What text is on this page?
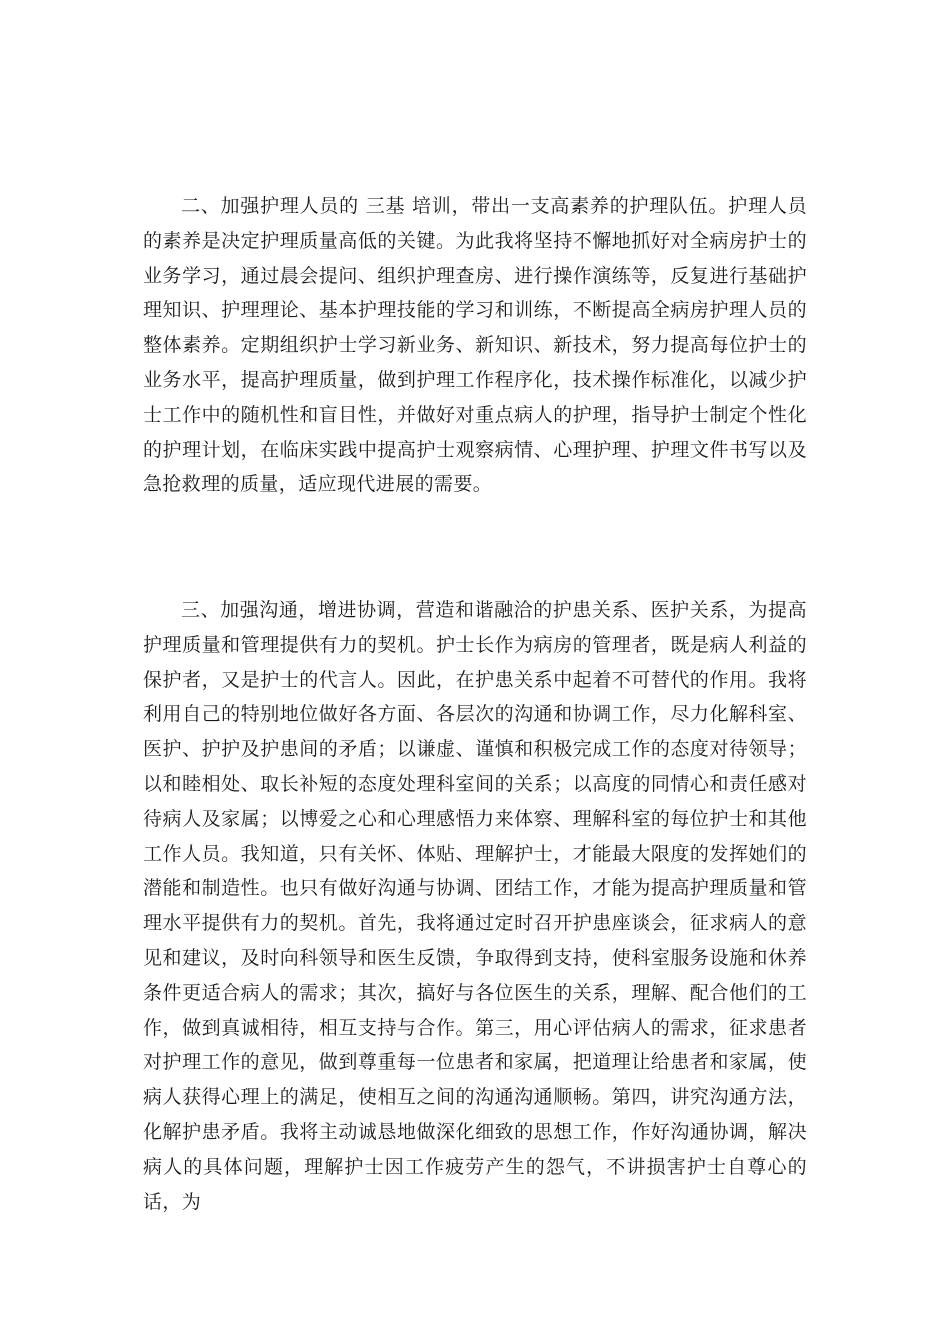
二、加强护理人员的 三基 培训，带出一支高素养的护理队伍。护理人员的素养是决定护理质量高低的关键。为此我将坚持不懈地抓好对全病房护士的业务学习，通过晨会提问、组织护理查房、进行操作演练等，反复进行基础护理知识、护理理论、基本护理技能的学习和训练，不断提高全病房护理人员的整体素养。定期组织护士学习新业务、新知识、新技术，努力提高每位护士的业务水平，提高护理质量，做到护理工作程序化，技术操作标准化，以减少护士工作中的随机性和盲目性，并做好对重点病人的护理，指导护士制定个性化的护理计划，在临床实践中提高护士观察病情、心理护理、护理文件书写以及急抢救理的质量，适应现代进展的需要。

三、加强沟通，增进协调，营造和谐融洽的护患关系、医护关系，为提高护理质量和管理提供有力的契机。护士长作为病房的管理者，既是病人利益的保护者，又是护士的代言人。因此，在护患关系中起着不可替代的作用。我将利用自己的特别地位做好各方面、各层次的沟通和协调工作，尽力化解科室、医护、护护及护患间的矛盾；以谦虚、谨慎和积极完成工作的态度对待领导；以和睦相处、取长补短的态度处理科室间的关系；以高度的同情心和责任感对待病人及家属；以博爱之心和心理感悟力来体察、理解科室的每位护士和其他工作人员。我知道，只有关怀、体贴、理解护士，才能最大限度的发挥她们的潜能和制造性。也只有做好沟通与协调、团结工作，才能为提高护理质量和管理水平提供有力的契机。首先，我将通过定时召开护患座谈会，征求病人的意见和建议，及时向科领导和医生反馈，争取得到支持，使科室服务设施和休养条件更适合病人的需求；其次，搞好与各位医生的关系，理解、配合他们的工作，做到真诚相待，相互支持与合作。第三，用心评估病人的需求，征求患者对护理工作的意见，做到尊重每一位患者和家属，把道理让给患者和家属，使病人获得心理上的满足，使相互之间的沟通沟通顺畅。第四，讲究沟通方法，化解护患矛盾。我将主动诚恳地做深化细致的思想工作，作好沟通协调，解决病人的具体问题，理解护士因工作疲劳产生的怨气，不讲损害护士自尊心的话，为
